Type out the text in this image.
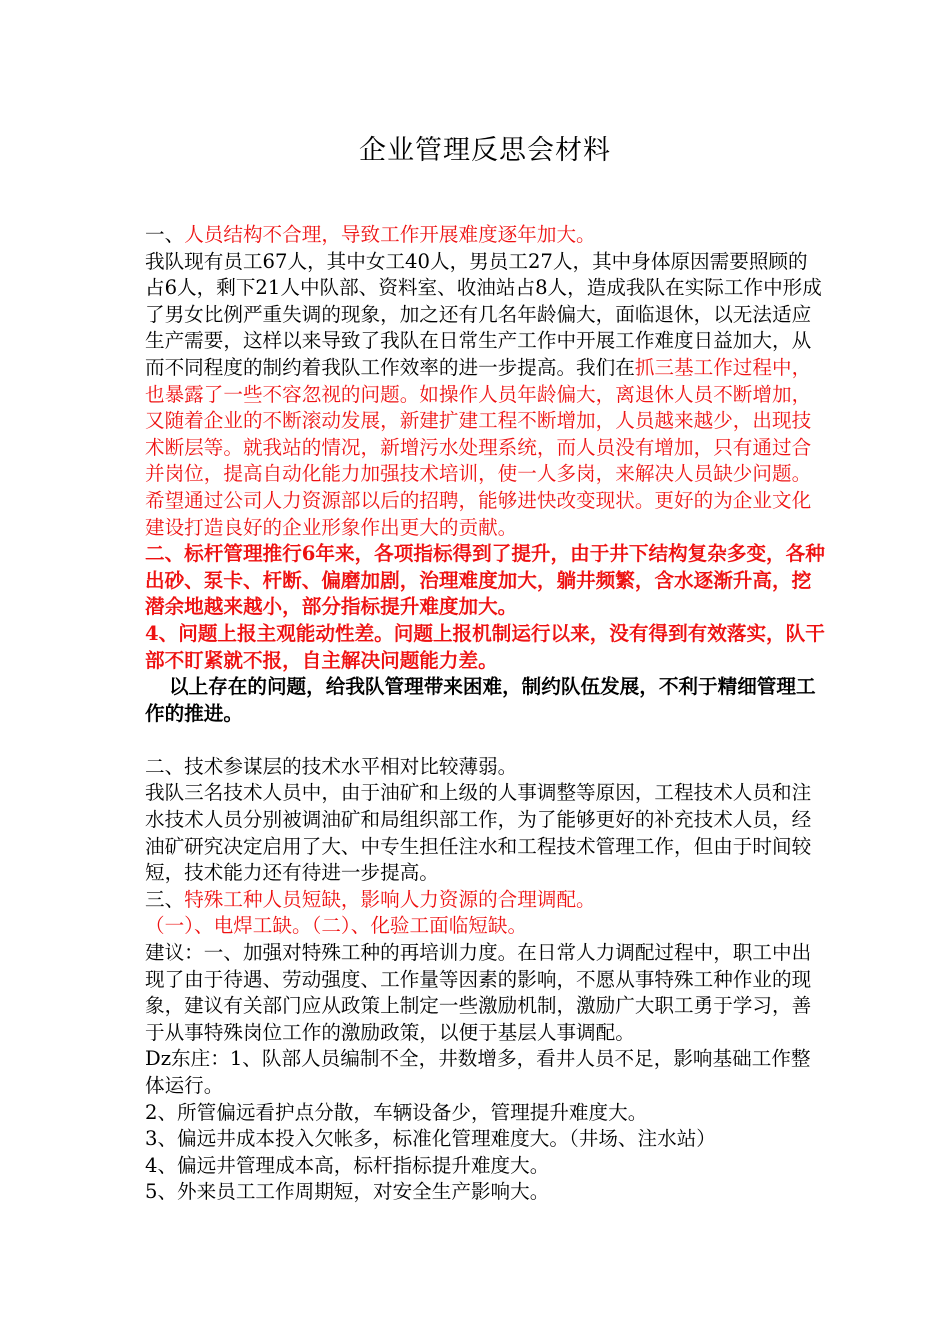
企业管理反思会材料

一、人员结构不合理，导致工作开展难度逐年加大。

我队现有员工67人，其中女工40人，男员工27人，其中身体原因需要照顾的占6人，剩下21人中队部、资料室、收油站占8人，造成我队在实际工作中形成了男女比例严重失调的现象，加之还有几名年龄偏大，面临退休，以无法适应生产需要，这样以来导致了我队在日常生产工作中开展工作难度日益加大，从而不同程度的制约着我队工作效率的进一步提高。我们在抓三基工作过程中，也暴露了一些不容忽视的问题。如操作人员年龄偏大，离退休人员不断增加，又随着企业的不断滚动发展，新建扩建工程不断增加，人员越来越少，出现技术断层等。就我站的情况，新增污水处理系统，而人员没有增加，只有通过合并岗位，提高自动化能力加强技术培训，使一人多岗，来解决人员缺少问题。希望通过公司人力资源部以后的招聘，能够进快改变现状。更好的为企业文化建设打造良好的企业形象作出更大的贡献。

二、标杆管理推行6年来，各项指标得到了提升，由于井下结构复杂多变，各种出砂、泵卡、杆断、偏磨加剧，治理难度加大，躺井频繁，含水逐渐升高，挖潜余地越来越小，部分指标提升难度加大。

4、问题上报主观能动性差。问题上报机制运行以来，没有得到有效落实，队干部不盯紧就不报，自主解决问题能力差。

以上存在的问题，给我队管理带来困难，制约队伍发展，不利于精细管理工作的推进。

二、技术参谋层的技术水平相对比较薄弱。

我队三名技术人员中，由于油矿和上级的人事调整等原因，工程技术人员和注水技术人员分别被调油矿和局组织部工作，为了能够更好的补充技术人员，经油矿研究决定启用了大、中专生担任注水和工程技术管理工作，但由于时间较短，技术能力还有待进一步提高。

三、特殊工种人员短缺，影响人力资源的合理调配。

（一）、电焊工缺。（二）、化验工面临短缺。

建议：一、加强对特殊工种的再培训力度。在日常人力调配过程中，职工中出现了由于待遇、劳动强度、工作量等因素的影响，不愿从事特殊工种作业的现象，建议有关部门应从政策上制定一些激励机制，激励广大职工勇于学习，善于从事特殊岗位工作的激励政策，以便于基层人事调配。

Dz东庄：1、队部人员编制不全，井数增多，看井人员不足，影响基础工作整体运行。

2、所管偏远看护点分散，车辆设备少，管理提升难度大。

3、偏远井成本投入欠帐多，标准化管理难度大。（井场、注水站）

4、偏远井管理成本高，标杆指标提升难度大。

5、外来员工工作周期短，对安全生产影响大。
